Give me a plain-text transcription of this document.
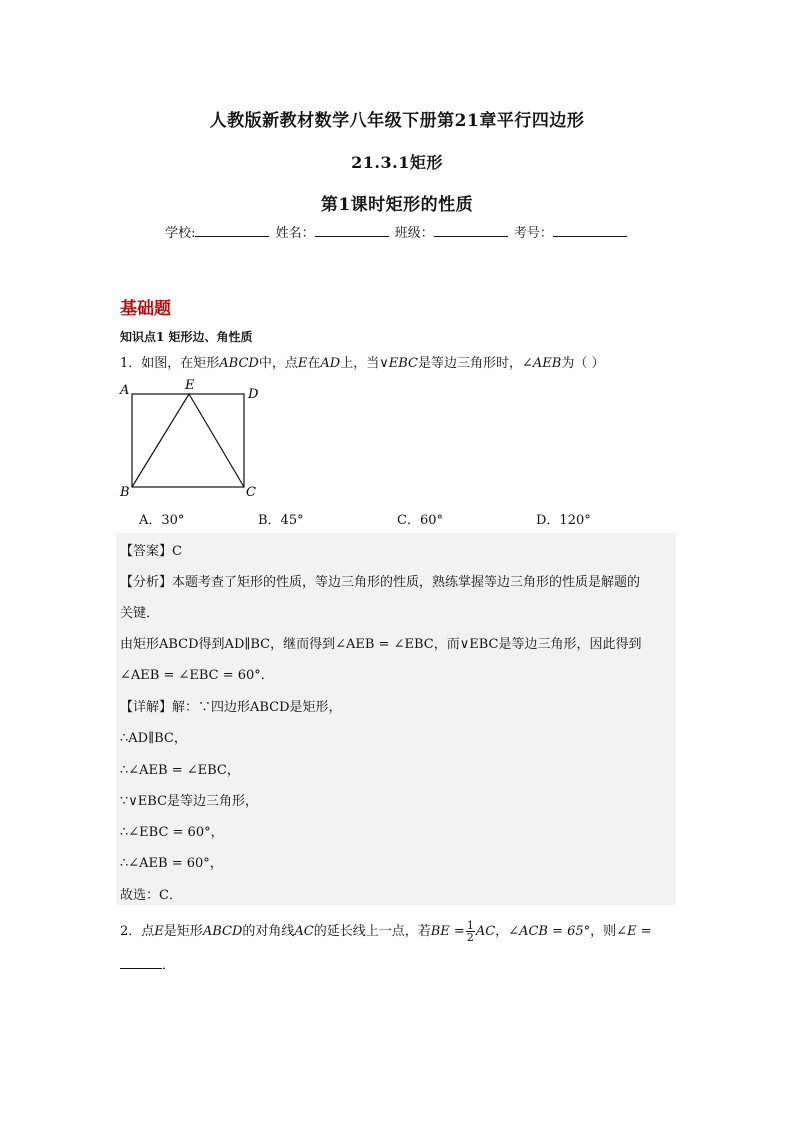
人教版新教材数学八年级下册第21章平行四边形
21.3.1矩形
第1课时矩形的性质
学校:	姓名：	班级：	考号：
基础题
知识点1 矩形边、角性质
1．如图，在矩形ABCD中，点E在AD上，当∨EBC是等边三角形时，∠AEB为（ ）
A	E
D
B	C
A．30°	B．45°	C．60°	D．120°
【答案】C
【分析】本题考查了矩形的性质，等边三角形的性质，熟练掌握等边三角形的性质是解题的
关键．
由矩形ABCD得到AD∥BC，继而得到∠AEB = ∠EBC，而∨EBC是等边三角形，因此得到
∠AEB = ∠EBC = 60°．
【详解】解：∵四边形ABCD是矩形，
∴AD∥BC，
∴∠AEB = ∠EBC，
∵∨EBC是等边三角形，
∴∠EBC = 60°，
∴∠AEB = 60°，
故选：C．
2．点E是矩形ABCD的对角线AC的延长线上一点，若BE = $\frac{1}{2}$ AC，∠ACB = 65°，则∠E =
．
